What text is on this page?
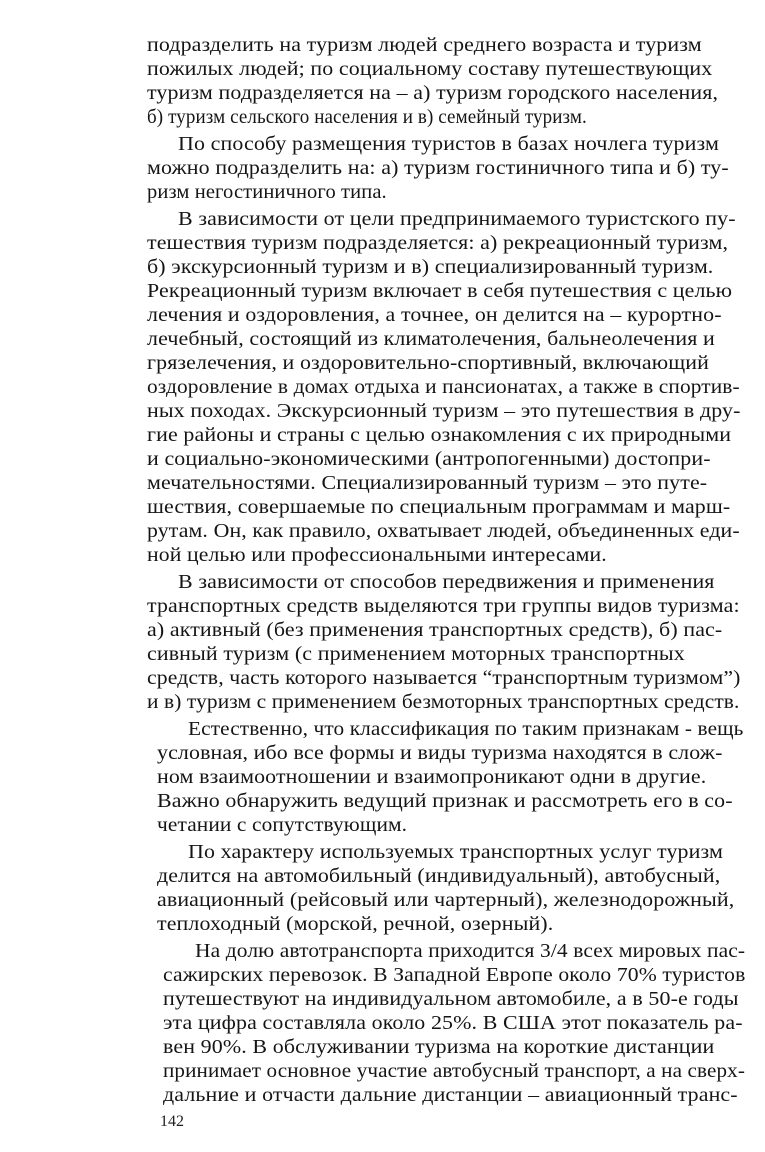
подразделить на туризм людей среднего возраста и туризм
пожилых людей; по социальному составу путешествующих
туризм подразделяется на – а) туризм городского населения,
б) туризм сельского населения и в) семейный туризм.
По способу размещения туристов в базах ночлега туризм
можно подразделить на: а) туризм гостиничного типа и б) ту-
ризм негостиничного типа.
В зависимости от цели предпринимаемого туристского пу-
тешествия туризм подразделяется: а) рекреационный туризм,
б) экскурсионный туризм и в) специализированный туризм.
Рекреационный туризм включает в себя путешествия с целью
лечения и оздоровления, а точнее, он делится на – курортно-
лечебный, состоящий из климатолечения, бальнеолечения и
грязелечения, и оздоровительно-спортивный, включающий
оздоровление в домах отдыха и пансионатах, а также в спортив-
ных походах. Экскурсионный туризм – это путешествия в дру-
гие районы и страны с целью ознакомления с их природными
и социально-экономическими (антропогенными) достопри-
мечательностями. Специализированный туризм – это путе-
шествия, совершаемые по специальным программам и марш-
рутам. Он, как правило, охватывает людей, объединенных еди-
ной целью или профессиональными интересами.
В зависимости от способов передвижения и применения
транспортных средств выделяются три группы видов туризма:
а) активный (без применения транспортных средств), б) пас-
сивный туризм (с применением моторных транспортных
средств, часть которого называется “транспортным туризмом”)
и в) туризм с применением безмоторных транспортных средств.
Естественно, что классификация по таким признакам - вещь
условная, ибо все формы и виды туризма находятся в слож-
ном взаимоотношении и взаимопроникают одни в другие.
Важно обнаружить ведущий признак и рассмотреть его в со-
четании с сопутствующим.
По характеру используемых транспортных услуг туризм
делится на автомобильный (индивидуальный), автобусный,
авиационный (рейсовый или чартерный), железнодорожный,
теплоходный (морской, речной, озерный).
На долю автотранспорта приходится 3/4 всех мировых пас-
сажирских перевозок. В Западной Европе около 70% туристов
путешествуют на индивидуальном автомобиле, а в 50-е годы
эта цифра составляла около 25%. В США этот показатель ра-
вен 90%. В обслуживании туризма на короткие дистанции
принимает основное участие автобусный транспорт, а на сверх-
дальние и отчасти дальние дистанции – авиационный транс-
142
